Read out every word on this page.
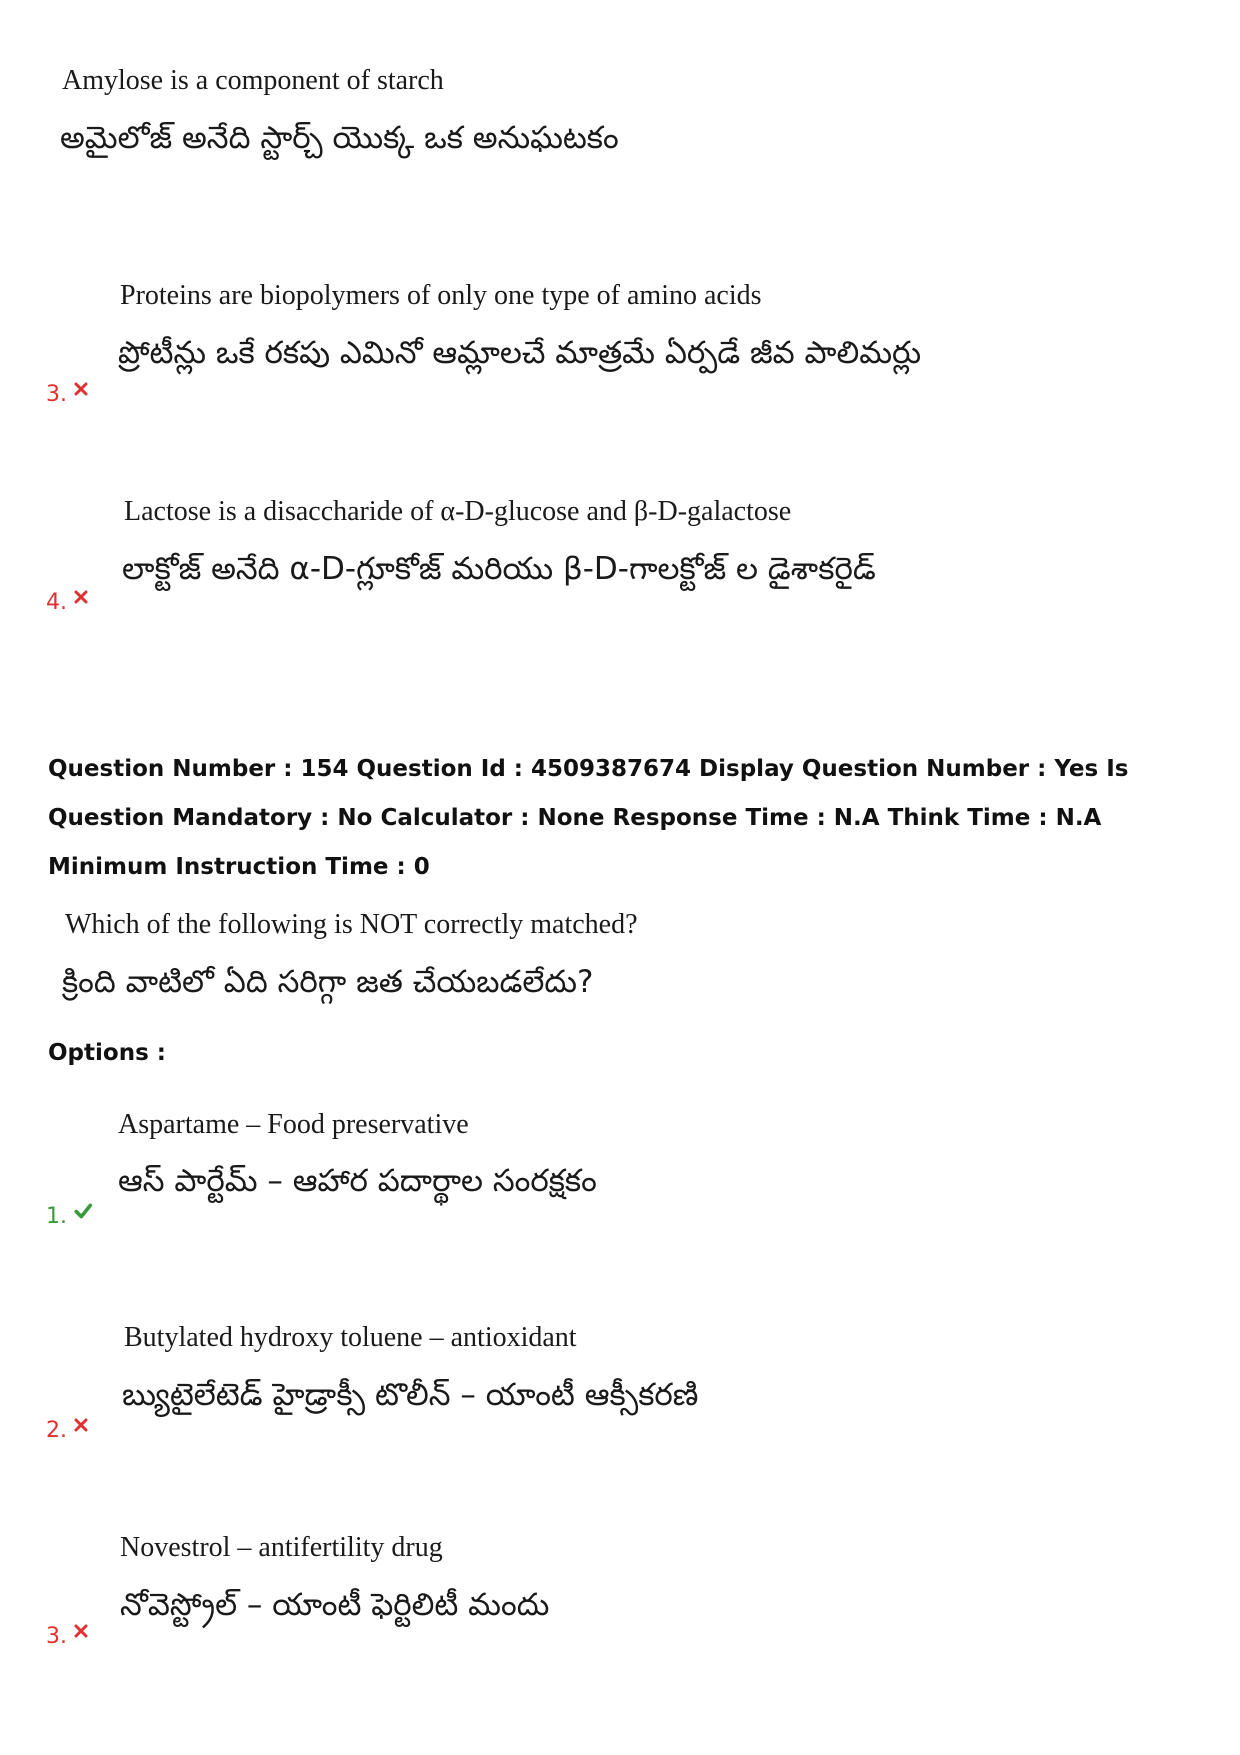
Amylose is a component of starch
అమైలోజ్ అనేది స్టార్చ్ యొక్క ఒక అనుఘటకం
Proteins are biopolymers of only one type of amino acids
ప్రోటీన్లు ఒకే రకపు ఎమినో ఆమ్లాలచే మాత్రమే ఏర్పడే జీవ పాలిమర్లు
3.
Lactose is a disaccharide of α-D-glucose and β-D-galactose
లాక్టోజ్ అనేది α-D-గ్లూకోజ్ మరియు β-D-గాలక్టోజ్ ల డైశాకరైడ్
4.
Question Number : 154 Question Id : 4509387674 Display Question Number : Yes Is Question Mandatory : No Calculator : None Response Time : N.A Think Time : N.A Minimum Instruction Time : 0
Which of the following is NOT correctly matched?
క్రింది వాటిలో ఏది సరిగ్గా జత చేయబడలేదు?
Options :
Aspartame – Food preservative
ఆస్ పార్టేమ్ – ఆహార పదార్థాల సంరక్షకం
1.
Butylated hydroxy toluene – antioxidant
బ్యుటైలేటెడ్ హైడ్రాక్సీ టొలీన్ – యాంటీ ఆక్సీకరణి
2.
Novestrol – antifertility drug
నోవెస్ట్రోల్ – యాంటీ ఫెర్టిలిటీ మందు
3.
